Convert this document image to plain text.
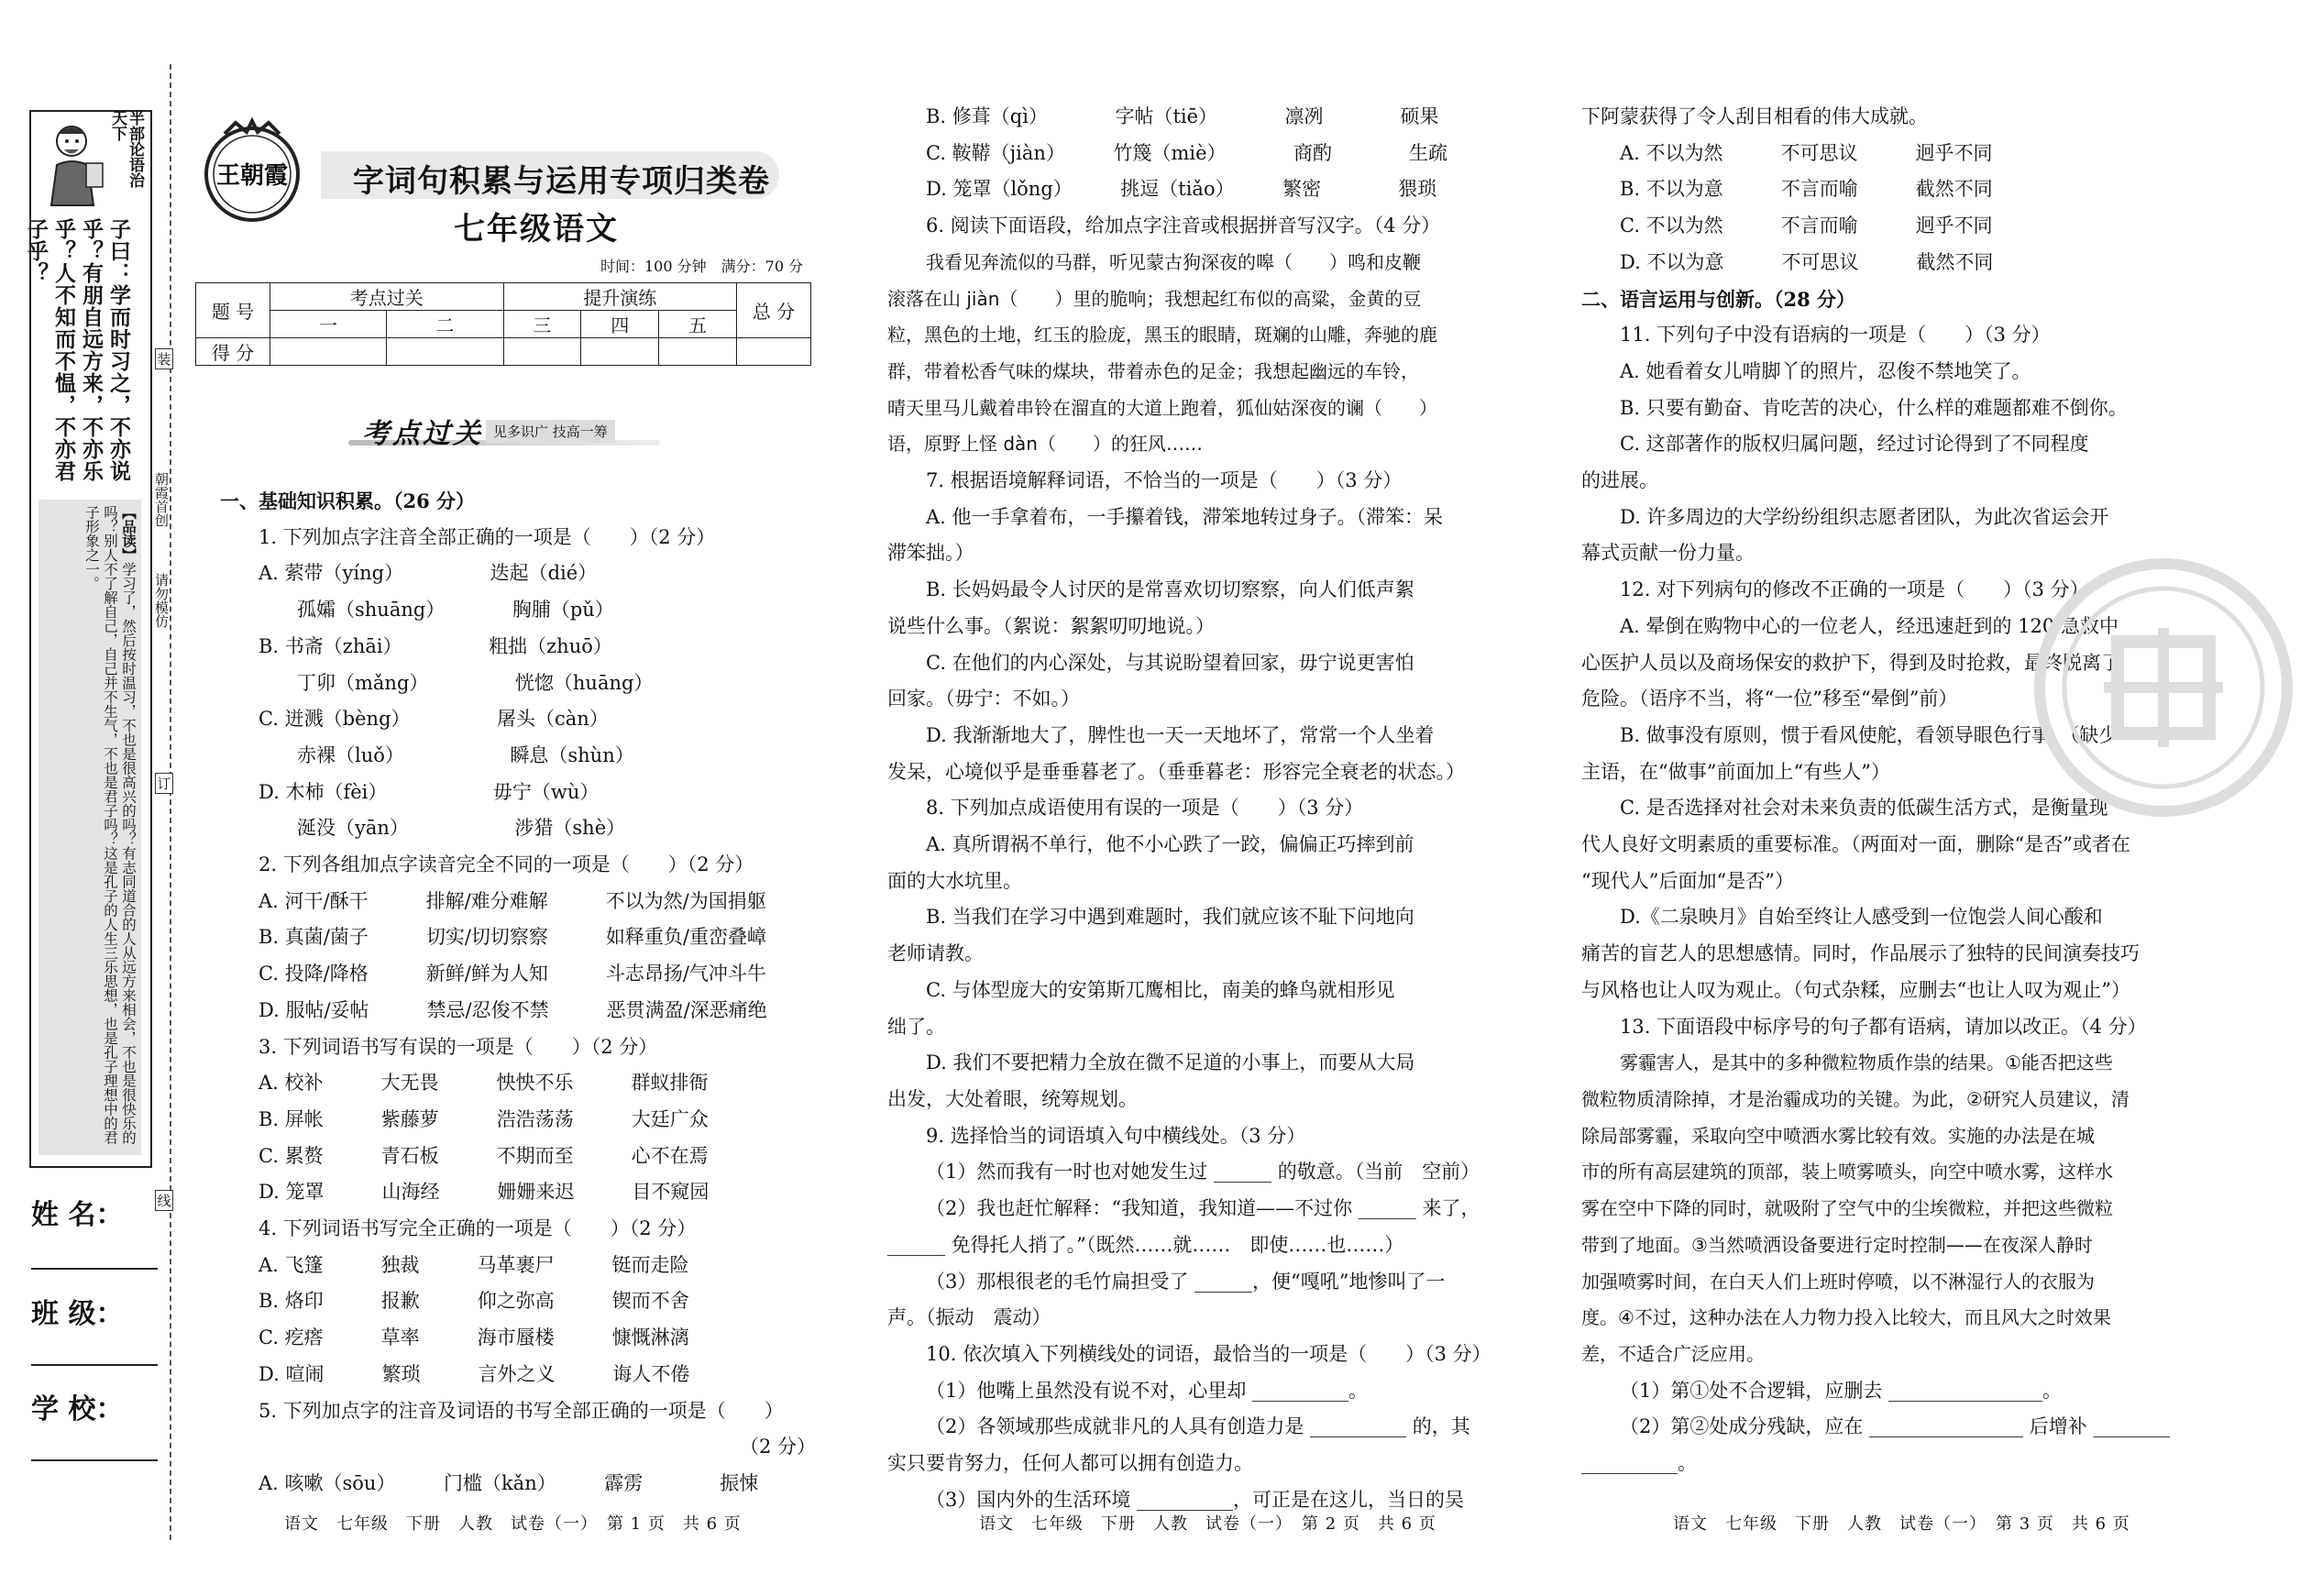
半部论语治天下
子曰：学而时习之，不亦说乎？有朋自远方来，不亦乐乎？人不知而不愠，不亦君子乎？
【品读】学习了，然后按时温习，不也是很高兴的吗？有志同道合的人从远方来相会，不也是很快乐的吗？别人不了解自己，自己并不生气，不也是君子吗？这是孔子的人生三乐思想，也是孔子理想中的君子形象之一。
姓 名：
班 级：
学 校：
朝霞首创
请勿模仿
装
订
线
王朝霞 字词句积累与运用专项归类卷
七年级语文
时间：100 分钟　 满分：70 分
题 号	考点过关		提升演练			总 分
	一	二	三	四	五	
得 分						
考点过关 见多识广 技高一筹

一、基础知识积累。（26 分）

1. 下列加点字注音全部正确的一项是（　　）（2 分）

A. 萦带（yíng）　　　　　迭起（dié）

孤孀（shuāng）　　　　胸脯（pǔ）

B. 书斋（zhāi）　　　　　粗拙（zhuō）

丁卯（mǎng）　　　　　恍惚（huāng）

C. 迸溅（bèng）　　　　　屠头（càn）

赤裸（luǒ）　　　　　　瞬息（shùn）

D. 木柿（fèi）　　　　　　毋宁（wù）

涎没（yān）　　　　　　涉猎（shè）

2. 下列各组加点字读音完全不同的一项是（　　）（2 分）

A. 河干/酥干　　　排解/难分难解　　　不以为然/为国捐躯

B. 真菌/菌子　　　切实/切切察察　　　如释重负/重峦叠嶂

C. 投降/降格　　　新鲜/鲜为人知　　　斗志昂扬/气冲斗牛

D. 服帖/妥帖　　　禁忌/忍俊不禁　　　恶贯满盈/深恶痛绝

3. 下列词语书写有误的一项是（　　）（2 分）

A. 校补　　　大无畏　　　怏怏不乐　　　群蚁排衙

B. 屏帐　　　紫藤萝　　　浩浩荡荡　　　大廷广众

C. 累赘　　　青石板　　　不期而至　　　心不在焉

D. 笼罩　　　山海经　　　姗姗来迟　　　目不窥园

4. 下列词语书写完全正确的一项是（　　）（2 分）

A. 飞篷　　　独裁　　　马革裹尸　　　铤而走险

B. 烙印　　　报歉　　　仰之弥高　　　锲而不舍

C. 疙瘩　　　草率　　　海市蜃楼　　　慷慨淋漓

D. 喧闹　　　繁琐　　　言外之义　　　诲人不倦

5. 下列加点字的注音及词语的书写全部正确的一项是（　　）

（2 分）

A. 咳嗽（sōu）　　　门槛（kǎn）　　　霹雳　　　　振悚

B. 修葺（qì）　　　　字帖（tiē）　　　　凛冽　　　　硕果

C. 鞍鞯（jiàn）　　　竹篾（miè）　　　　商酌　　　　生疏

D. 笼罩（lǒng）　　　挑逗（tiǎo）　　　繁密　　　　猥琐

6. 阅读下面语段，给加点字注音或根据拼音写汉字。（4 分）

我看见奔流似的马群，听见蒙古狗深夜的嗥（　　）鸣和皮鞭

滚落在山 jiàn（　　）里的脆响；我想起红布似的高粱，金黄的豆

粒，黑色的土地，红玉的脸庞，黑玉的眼睛，斑斓的山雕，奔驰的鹿

群，带着松香气味的煤块，带着赤色的足金；我想起幽远的车铃，

晴天里马儿戴着串铃在溜直的大道上跑着，狐仙姑深夜的谰（　　）

语，原野上怪 dàn（　　）的狂风……

7. 根据语境解释词语，不恰当的一项是（　　）（3 分）

A. 他一手拿着布，一手攥着钱，滞笨地转过身子。（滞笨：呆

滞笨拙。）

B. 长妈妈最令人讨厌的是常喜欢切切察察，向人们低声絮

说些什么事。（絮说：絮絮叨叨地说。）

C. 在他们的内心深处，与其说盼望着回家，毋宁说更害怕

回家。（毋宁：不如。）

D. 我渐渐地大了，脾性也一天一天地坏了，常常一个人坐着

发呆，心境似乎是垂垂暮老了。（垂垂暮老：形容完全衰老的状态。）

8. 下列加点成语使用有误的一项是（　　）（3 分）

A. 真所谓祸不单行，他不小心跌了一跤，偏偏正巧摔到前

面的大水坑里。

B. 当我们在学习中遇到难题时，我们就应该不耻下问地向

老师请教。

C. 与体型庞大的安第斯兀鹰相比，南美的蜂鸟就相形见

绌了。

D. 我们不要把精力全放在微不足道的小事上，而要从大局

出发，大处着眼，统筹规划。

9. 选择恰当的词语填入句中横线处。（3 分）

（1）然而我有一时也对她发生过 ______ 的敬意。（当前　空前）

（2）我也赶忙解释：“我知道，我知道——不过你 ______ 来了，

______ 免得托人捎了。”（既然……就……　即使……也……）

（3）那根很老的毛竹扁担受了 ______，便“嘎吼”地惨叫了一

声。（振动　震动）

10. 依次填入下列横线处的词语，最恰当的一项是（　　）（3 分）

（1）他嘴上虽然没有说不对，心里却 __________。

（2）各领域那些成就非凡的人具有创造力是 __________ 的，其

实只要肯努力，任何人都可以拥有创造力。

（3）国内外的生活环境 __________，可正是在这儿，当日的吴

下阿蒙获得了令人刮目相看的伟大成就。

A. 不以为然　　　不可思议　　　迥乎不同

B. 不以为意　　　不言而喻　　　截然不同

C. 不以为然　　　不言而喻　　　迥乎不同

D. 不以为意　　　不可思议　　　截然不同

二、语言运用与创新。（28 分）

11. 下列句子中没有语病的一项是（　　）（3 分）

A. 她看着女儿啃脚丫的照片，忍俊不禁地笑了。

B. 只要有勤奋、肯吃苦的决心，什么样的难题都难不倒你。

C. 这部著作的版权归属问题，经过讨论得到了不同程度

的进展。

D. 许多周边的大学纷纷组织志愿者团队，为此次省运会开

幕式贡献一份力量。

12. 对下列病句的修改不正确的一项是（　　）（3 分）

A. 晕倒在购物中心的一位老人，经迅速赶到的 120 急救中

心医护人员以及商场保安的救护下，得到及时抢救，最终脱离了

危险。（语序不当，将“一位”移至“晕倒”前）

B. 做事没有原则，惯于看风使舵，看领导眼色行事。（缺少

主语，在“做事”前面加上“有些人”）

C. 是否选择对社会对未来负责的低碳生活方式，是衡量现

代人良好文明素质的重要标准。（两面对一面，删除“是否”或者在

“现代人”后面加“是否”）

D.《二泉映月》自始至终让人感受到一位饱尝人间心酸和

痛苦的盲艺人的思想感情。同时，作品展示了独特的民间演奏技巧

与风格也让人叹为观止。（句式杂糅，应删去“也让人叹为观止”）

13. 下面语段中标序号的句子都有语病，请加以改正。（4 分）

雾霾害人，是其中的多种微粒物质作祟的结果。①能否把这些

微粒物质清除掉，才是治霾成功的关键。为此，②研究人员建议，清

除局部雾霾，采取向空中喷洒水雾比较有效。实施的办法是在城

市的所有高层建筑的顶部，装上喷雾喷头，向空中喷水雾，这样水

雾在空中下降的同时，就吸附了空气中的尘埃微粒，并把这些微粒

带到了地面。③当然喷洒设备要进行定时控制——在夜深人静时

加强喷雾时间，在白天人们上班时停喷，以不淋湿行人的衣服为

度。④不过，这种办法在人力物力投入比较大，而且风大之时效果

差，不适合广泛应用。

（1）第①处不合逻辑，应删去 ________________。

（2）第②处成分残缺，应在 ________________ 后增补 ________

__________。

语文　七年级　下册　人教　试卷（一）　第 1 页　共 6 页	语文　七年级　下册　人教　试卷（一）　第 2 页　共 6 页	语文　七年级　下册　人教　试卷（一）　第 3 页　共 6 页
